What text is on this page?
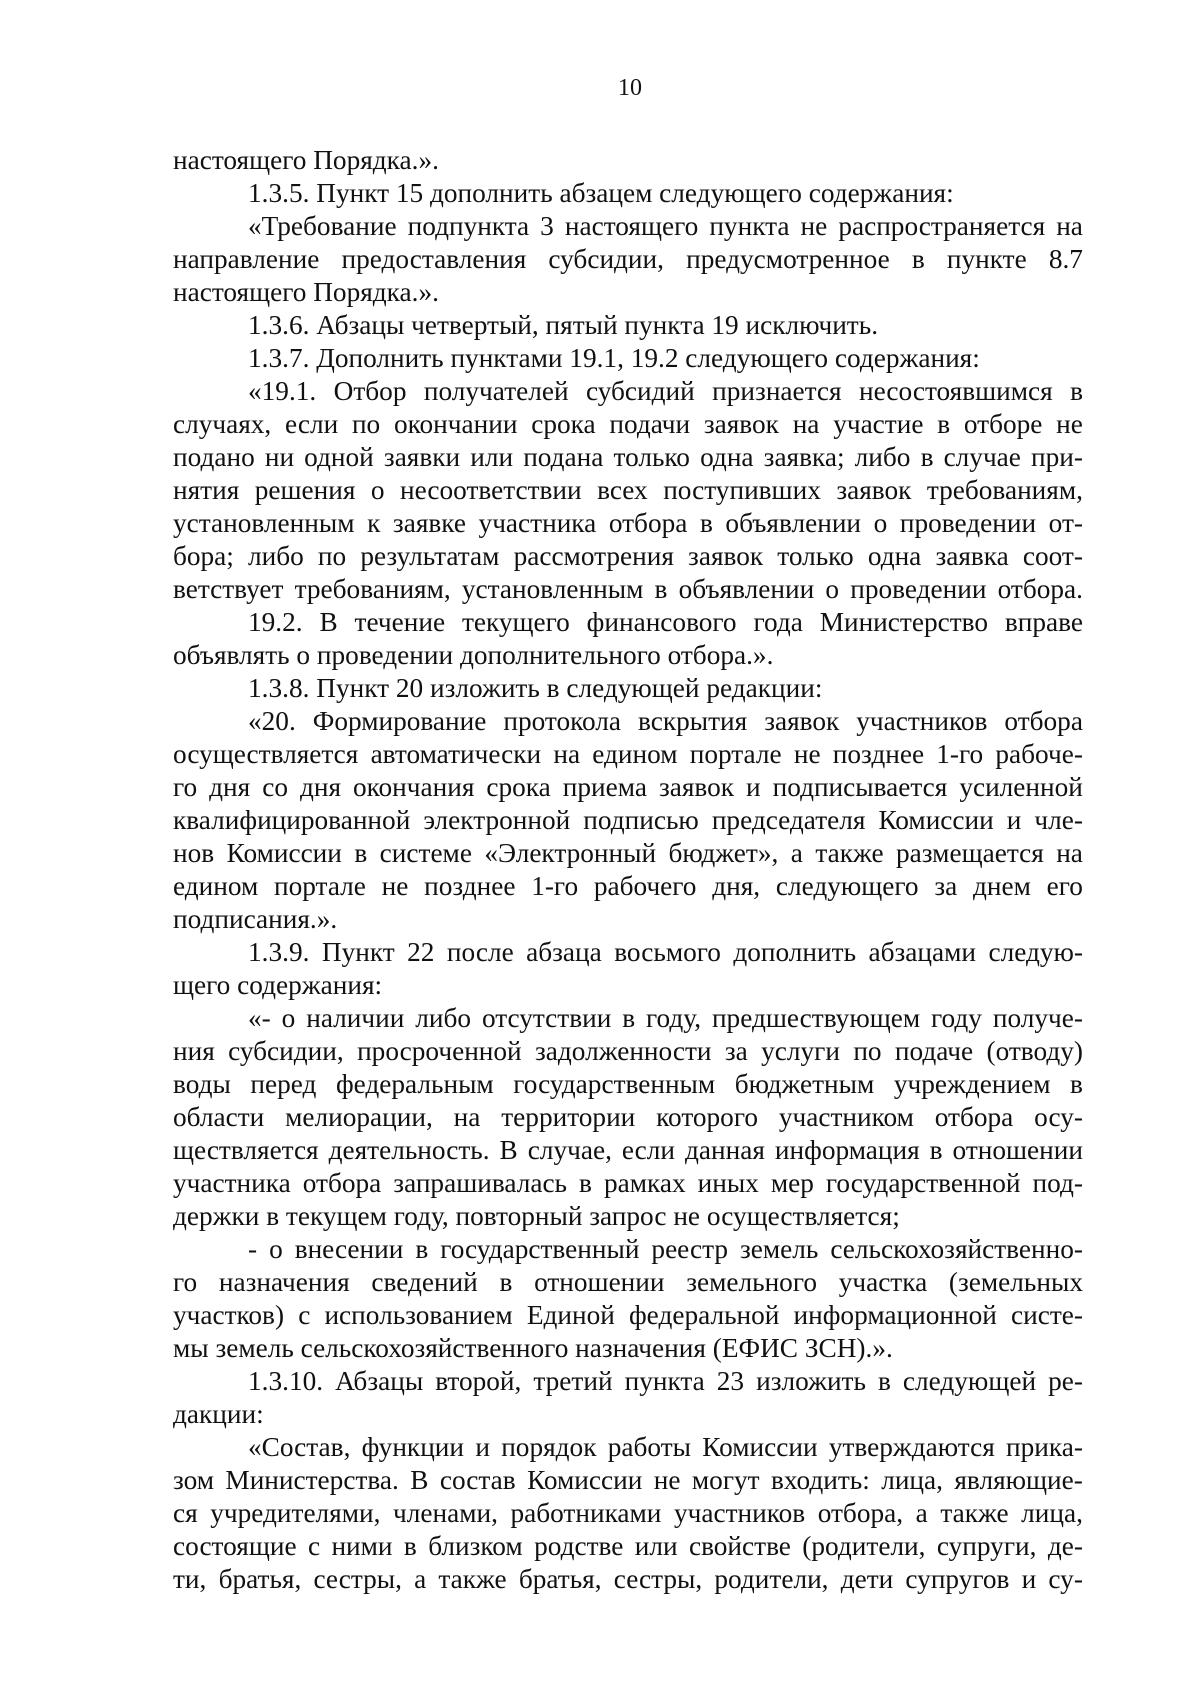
10
настоящего Порядка.».
1.3.5. Пункт 15 дополнить абзацем следующего содержания:
«Требование подпункта 3 настоящего пункта не распространяется на
направление предоставления субсидии, предусмотренное в пункте 8.7
настоящего Порядка.».
1.3.6. Абзацы четвертый, пятый пункта 19 исключить.
1.3.7. Дополнить пунктами 19.1, 19.2 следующего содержания:
«19.1. Отбор получателей субсидий признается несостоявшимся в
случаях, если по окончании срока подачи заявок на участие в отборе не
подано ни одной заявки или подана только одна заявка; либо в случае при-
нятия решения о несоответствии всех поступивших заявок требованиям,
установленным к заявке участника отбора в объявлении о проведении от-
бора; либо по результатам рассмотрения заявок только одна заявка соот-
ветствует требованиям, установленным в объявлении о проведении отбора.
19.2. В течение текущего финансового года Министерство вправе
объявлять о проведении дополнительного отбора.».
1.3.8. Пункт 20 изложить в следующей редакции:
«20. Формирование протокола вскрытия заявок участников отбора
осуществляется автоматически на едином портале не позднее 1-го рабоче-
го дня со дня окончания срока приема заявок и подписывается усиленной
квалифицированной электронной подписью председателя Комиссии и чле-
нов Комиссии в системе «Электронный бюджет», а также размещается на
едином портале не позднее 1-го рабочего дня, следующего за днем его
подписания.».
1.3.9. Пункт 22 после абзаца восьмого дополнить абзацами следую-
щего содержания:
«- о наличии либо отсутствии в году, предшествующем году получе-
ния субсидии, просроченной задолженности за услуги по подаче (отводу)
воды перед федеральным государственным бюджетным учреждением в
области мелиорации, на территории которого участником отбора осу-
ществляется деятельность. В случае, если данная информация в отношении
участника отбора запрашивалась в рамках иных мер государственной под-
держки в текущем году, повторный запрос не осуществляется;
- о внесении в государственный реестр земель сельскохозяйственно-
го назначения сведений в отношении земельного участка (земельных
участков) с использованием Единой федеральной информационной систе-
мы земель сельскохозяйственного назначения (ЕФИС ЗСН).».
1.3.10. Абзацы второй, третий пункта 23 изложить в следующей ре-
дакции:
«Состав, функции и порядок работы Комиссии утверждаются прика-
зом Министерства. В состав Комиссии не могут входить: лица, являющие-
ся учредителями, членами, работниками участников отбора, а также лица,
состоящие с ними в близком родстве или свойстве (родители, супруги, де-
ти, братья, сестры, а также братья, сестры, родители, дети супругов и су-
